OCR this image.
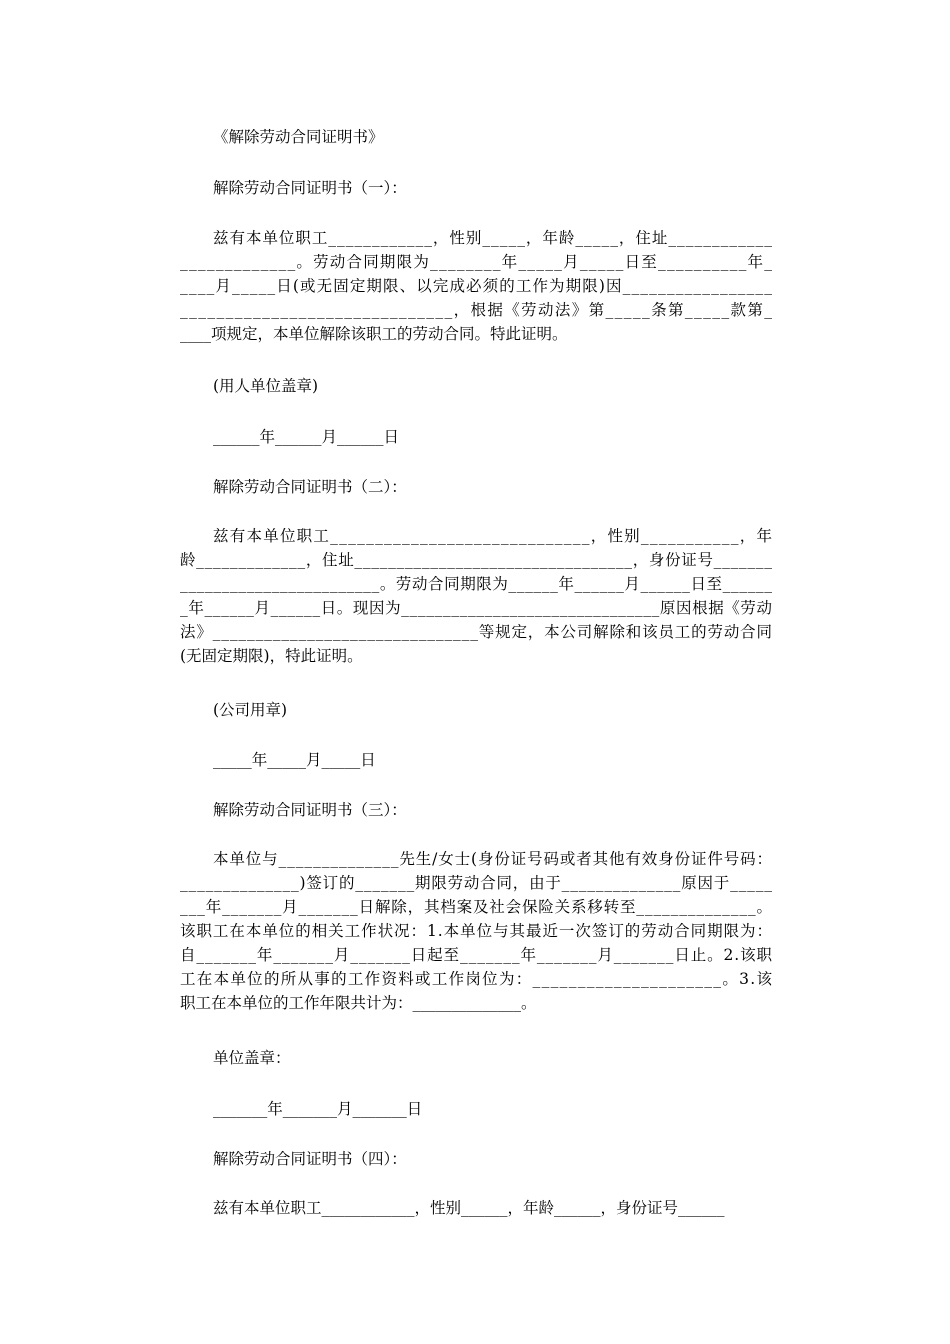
《解除劳动合同证明书》
解除劳动合同证明书（一）：
兹有本单位职工____________，性别_____，年龄_____，住址____________
_____________。劳动合同期限为________年_____月_____日至__________年_
____月_____日(或无固定期限、以完成必须的工作为期限)因_________________
______________________________，根据《劳动法》第_____条第_____款第_
____项规定，本单位解除该职工的劳动合同。特此证明。
(用人单位盖章)
______年______月______日
解除劳动合同证明书（二）：
兹有本单位职工_____________________________，性别___________，年
龄_____________，住址_________________________________，身份证号_______
________________________。劳动合同期限为______年______月______日至______
_年______月______日。现因为_______________________________原因根据《劳动
法》_______________________________等规定，本公司解除和该员工的劳动合同
(无固定期限)，特此证明。
(公司用章)
_____年_____月_____日
解除劳动合同证明书（三）：
本单位与______________先生/女士(身份证号码或者其他有效身份证件号码：
______________)签订的_______期限劳动合同，由于______________原因于_____
___年_______月_______日解除，其档案及社会保险关系移转至______________。
该职工在本单位的相关工作状况：1.本单位与其最近一次签订的劳动合同期限为：
自_______年_______月_______日起至_______年_______月_______日止。2.该职
工在本单位的所从事的工作资料或工作岗位为：_____________________。3.该
职工在本单位的工作年限共计为：______________。
单位盖章：
_______年_______月_______日
解除劳动合同证明书（四）：
兹有本单位职工____________，性别______，年龄______，身份证号______
